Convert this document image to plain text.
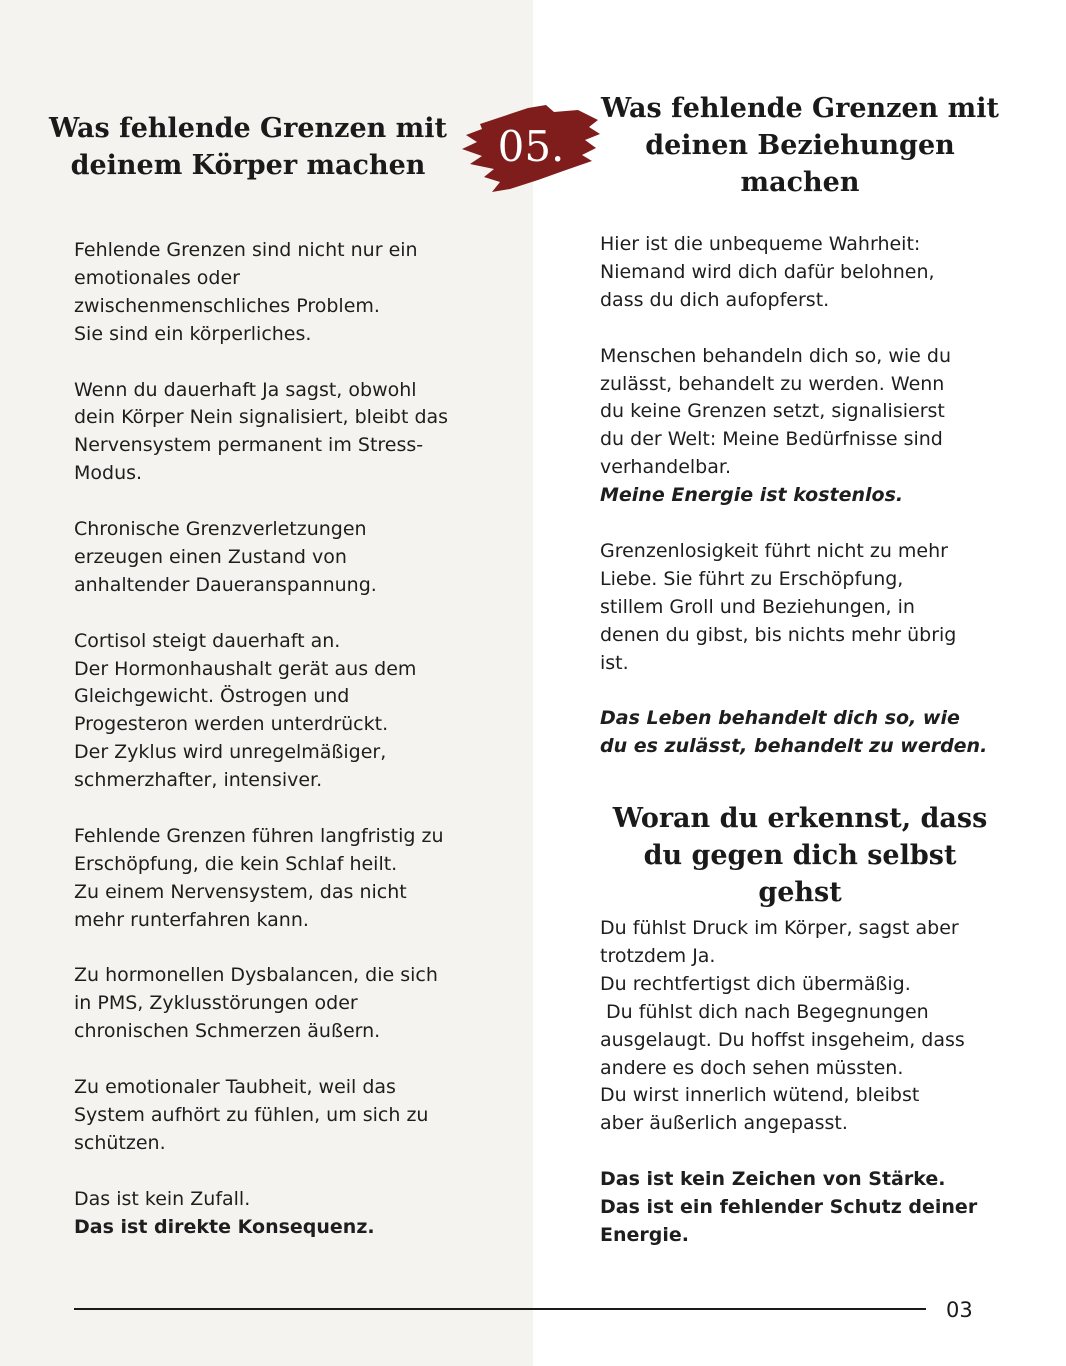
Was fehlende Grenzen mit
deinem Körper machen
Fehlende Grenzen sind nicht nur ein
emotionales oder
zwischenmenschliches Problem.
Sie sind ein körperliches.
Wenn du dauerhaft Ja sagst, obwohl
dein Körper Nein signalisiert, bleibt das
Nervensystem permanent im Stress-
Modus.
Chronische Grenzverletzungen
erzeugen einen Zustand von
anhaltender Daueranspannung.
Cortisol steigt dauerhaft an.
Der Hormonhaushalt gerät aus dem
Gleichgewicht. Östrogen und
Progesteron werden unterdrückt.
Der Zyklus wird unregelmäßiger,
schmerzhafter, intensiver.
Fehlende Grenzen führen langfristig zu
Erschöpfung, die kein Schlaf heilt.
Zu einem Nervensystem, das nicht
mehr runterfahren kann.
Zu hormonellen Dysbalancen, die sich
in PMS, Zyklusstörungen oder
chronischen Schmerzen äußern.
Zu emotionaler Taubheit, weil das
System aufhört zu fühlen, um sich zu
schützen.
Das ist kein Zufall.
Das ist direkte Konsequenz.
05.
Was fehlende Grenzen mit
deinen Beziehungen
machen
Hier ist die unbequeme Wahrheit:
Niemand wird dich dafür belohnen,
dass du dich aufopferst.
Menschen behandeln dich so, wie du
zulässt, behandelt zu werden. Wenn
du keine Grenzen setzt, signalisierst
du der Welt: Meine Bedürfnisse sind
verhandelbar.
Meine Energie ist kostenlos.
Grenzenlosigkeit führt nicht zu mehr
Liebe. Sie führt zu Erschöpfung,
stillem Groll und Beziehungen, in
denen du gibst, bis nichts mehr übrig
ist.
Das Leben behandelt dich so, wie
du es zulässt, behandelt zu werden.
Woran du erkennst, dass
du gegen dich selbst gehst
Du fühlst Druck im Körper, sagst aber
trotzdem Ja.
Du rechtfertigst dich übermäßig.
Du fühlst dich nach Begegnungen
ausgelaugt. Du hoffst insgeheim, dass
andere es doch sehen müssten.
Du wirst innerlich wütend, bleibst
aber äußerlich angepasst.
Das ist kein Zeichen von Stärke.
Das ist ein fehlender Schutz deiner
Energie.
03
